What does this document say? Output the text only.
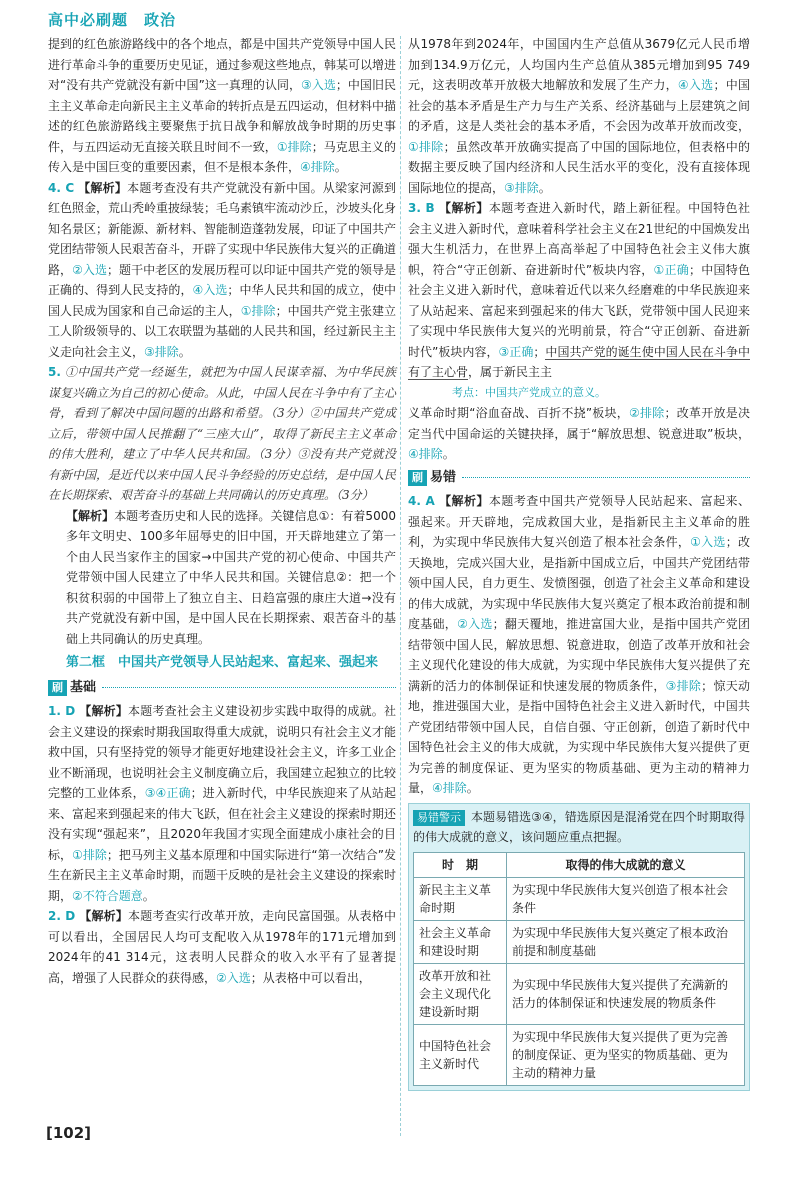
高中必刷题　政治

提到的红色旅游路线中的各个地点，都是中国共产党领导中国人民进行革命斗争的重要历史见证，通过参观这些地点，韩某可以增进对“没有共产党就没有新中国”这一真理的认同，③入选；中国旧民主主义革命走向新民主主义革命的转折点是五四运动，但材料中描述的红色旅游路线主要聚焦于抗日战争和解放战争时期的历史事件，与五四运动无直接关联且时间不一致，①排除；马克思主义的传入是中国巨变的重要因素，但不是根本条件，④排除。

4. C 【解析】本题考查没有共产党就没有新中国。从梁家河源到红色照金，荒山秃岭重披绿装；毛乌素镇牢流动沙丘，沙坡头化身知名景区；新能源、新材料、智能制造蓬勃发展，印证了中国共产党团结带领人民艰苦奋斗，开辟了实现中华民族伟大复兴的正确道路，②入选；题干中老区的发展历程可以印证中国共产党的领导是正确的、得到人民支持的，④入选；中华人民共和国的成立，使中国人民成为国家和自己命运的主人，①排除；中国共产党主张建立工人阶级领导的、以工农联盟为基础的人民共和国，经过新民主主义走向社会主义，③排除。

5. ①中国共产党一经诞生，就把为中国人民谋幸福、为中华民族谋复兴确立为自己的初心使命。从此，中国人民在斗争中有了主心骨，看到了解决中国问题的出路和希望。（3分）②中国共产党成立后，带领中国人民推翻了“三座大山”，取得了新民主主义革命的伟大胜利，建立了中华人民共和国。（3分）③没有共产党就没有新中国，是近代以来中国人民斗争经验的历史总结，是中国人民在长期探索、艰苦奋斗的基础上共同确认的历史真理。（3分）

【解析】本题考查历史和人民的选择。关键信息①：有着5000多年文明史、100多年屈辱史的旧中国，开天辟地建立了第一个由人民当家作主的国家→中国共产党的初心使命、中国共产党带领中国人民建立了中华人民共和国。关键信息②：把一个积贫积弱的中国带上了独立自主、日趋富强的康庄大道→没有共产党就没有新中国，是中国人民在长期探索、艰苦奋斗的基础上共同确认的历史真理。

第二框　中国共产党领导人民站起来、富起来、强起来
刷 基础

1. D 【解析】本题考查社会主义建设初步实践中取得的成就。社会主义建设的探索时期我国取得重大成就，说明只有社会主义才能救中国，只有坚持党的领导才能更好地建设社会主义，许多工业企业不断涌现，也说明社会主义制度确立后，我国建立起独立的比较完整的工业体系，③④正确；进入新时代，中华民族迎来了从站起来、富起来到强起来的伟大飞跃，但在社会主义建设的探索时期还没有实现“强起来”，且2020年我国才实现全面建成小康社会的目标，①排除；把马列主义基本原理和中国实际进行“第一次结合”发生在新民主主义革命时期，而题干反映的是社会主义建设的探索时期，②不符合题意。

2. D 【解析】本题考查实行改革开放，走向民富国强。从表格中可以看出，全国居民人均可支配收入从1978年的171元增加到2024年的41 314元，这表明人民群众的收入水平有了显著提高，增强了人民群众的获得感，②入选；从表格中可以看出，

从1978年到2024年，中国国内生产总值从3679亿元人民币增加到134.9万亿元，人均国内生产总值从385元增加到95 749元，这表明改革开放极大地解放和发展了生产力，④入选；中国社会的基本矛盾是生产力与生产关系、经济基础与上层建筑之间的矛盾，这是人类社会的基本矛盾，不会因为改革开放而改变，①排除；虽然改革开放确实提高了中国的国际地位，但表格中的数据主要反映了国内经济和人民生活水平的变化，没有直接体现国际地位的提高，③排除。

3. B 【解析】本题考查进入新时代，踏上新征程。中国特色社会主义进入新时代，意味着科学社会主义在21世纪的中国焕发出强大生机活力，在世界上高高举起了中国特色社会主义伟大旗帜，符合“守正创新、奋进新时代”板块内容，①正确；中国特色社会主义进入新时代，意味着近代以来久经磨难的中华民族迎来了从站起来、富起来到强起来的伟大飞跃，党带领中国人民迎来了实现中华民族伟大复兴的光明前景，符合“守正创新、奋进新时代”板块内容，③正确；中国共产党的诞生使中国人民在斗争中有了主心骨，属于新民主主

考点：中国共产党成立的意义。

义革命时期“浴血奋战、百折不挠”板块，②排除；改革开放是决定当代中国命运的关键抉择，属于“解放思想、锐意进取”板块，④排除。

刷 易错

4. A 【解析】本题考查中国共产党领导人民站起来、富起来、强起来。开天辟地，完成救国大业，是指新民主主义革命的胜利，为实现中华民族伟大复兴创造了根本社会条件，①入选；改天换地，完成兴国大业，是指新中国成立后，中国共产党团结带领中国人民，自力更生、发愤图强，创造了社会主义革命和建设的伟大成就，为实现中华民族伟大复兴奠定了根本政治前提和制度基础，②入选；翻天覆地，推进富国大业，是指中国共产党团结带领中国人民，解放思想、锐意进取，创造了改革开放和社会主义现代化建设的伟大成就，为实现中华民族伟大复兴提供了充满新的活力的体制保证和快速发展的物质条件，③排除；惊天动地，推进强国大业，是指中国特色社会主义进入新时代，中国共产党团结带领中国人民，自信自强、守正创新，创造了新时代中国特色社会主义的伟大成就，为实现中华民族伟大复兴提供了更为完善的制度保证、更为坚实的物质基础、更为主动的精神力量，④排除。

易错警示 本题易错选③④，错选原因是混淆党在四个时期取得的伟大成就的意义，该问题应重点把握。

时　期	取得的伟大成就的意义
新民主主义革命时期	为实现中华民族伟大复兴创造了根本社会条件
社会主义革命和建设时期	为实现中华民族伟大复兴奠定了根本政治前提和制度基础
改革开放和社会主义现代化建设新时期	为实现中华民族伟大复兴提供了充满新的活力的体制保证和快速发展的物质条件
中国特色社会主义新时代	为实现中华民族伟大复兴提供了更为完善的制度保证、更为坚实的物质基础、更为主动的精神力量
[102]
